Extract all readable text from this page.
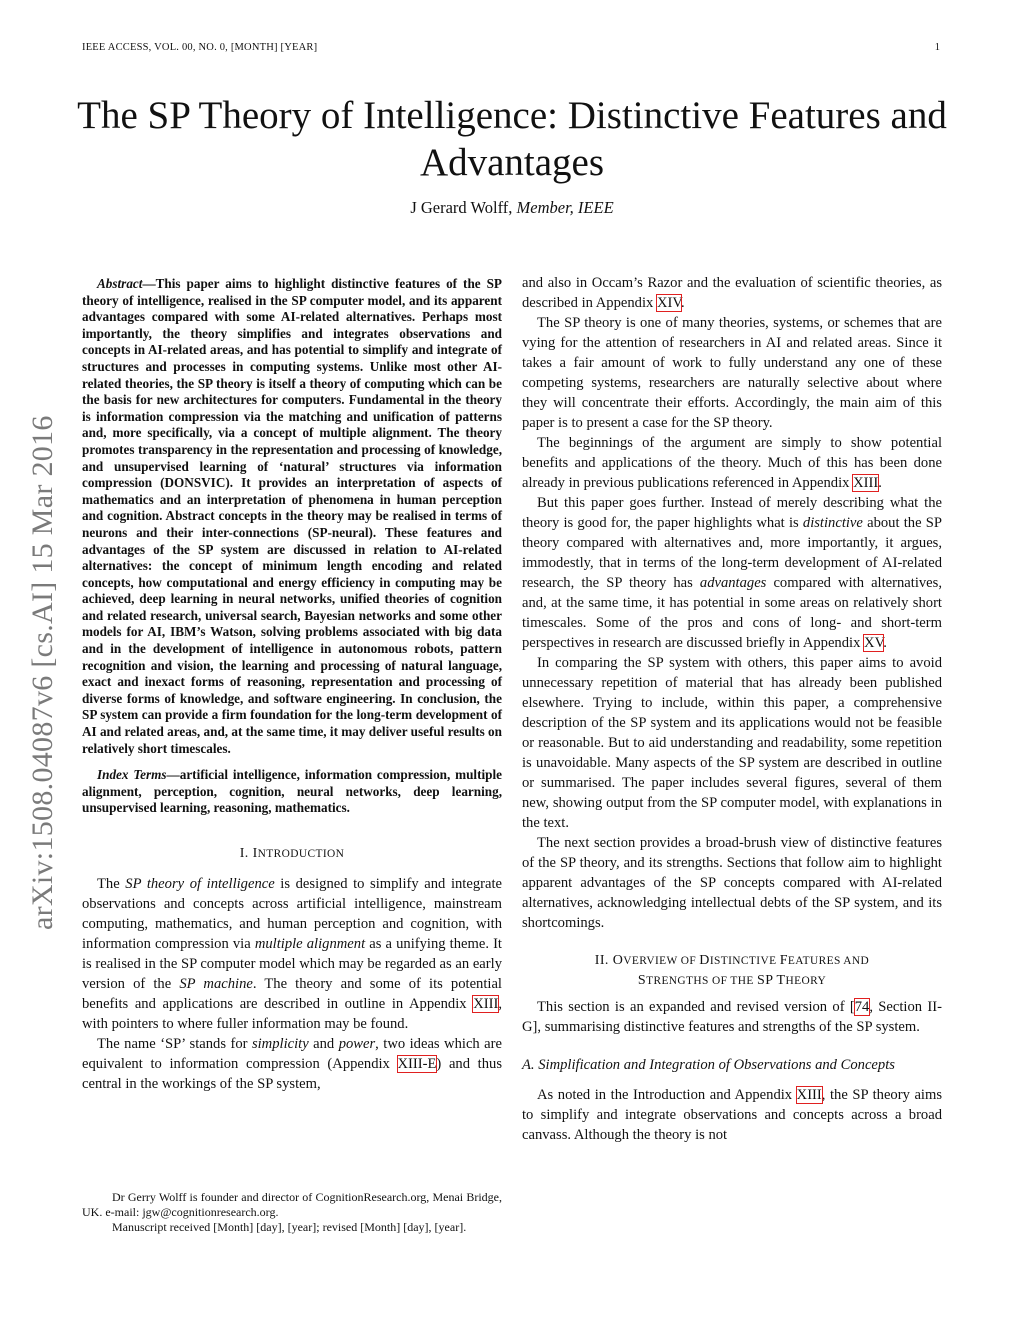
IEEE ACCESS, VOL. 00, NO. 0, [MONTH] [YEAR]	1
The SP Theory of Intelligence: Distinctive Features and Advantages
J Gerard Wolff, Member, IEEE
arXiv:1508.04087v6 [cs.AI] 15 Mar 2016

Abstract—This paper aims to highlight distinctive features of the SP theory of intelligence, realised in the SP computer model, and its apparent advantages compared with some AI-related alternatives. Perhaps most importantly, the theory simplifies and integrates observations and concepts in AI-related areas, and has potential to simplify and integrate of structures and processes in computing systems. Unlike most other AI-related theories, the SP theory is itself a theory of computing which can be the basis for new architectures for computers. Fundamental in the theory is information compression via the matching and unification of patterns and, more specifically, via a concept of multiple alignment. The theory promotes transparency in the representation and processing of knowledge, and unsupervised learning of ‘natural’ structures via information compression (DONSVIC). It provides an interpretation of aspects of mathematics and an interpretation of phenomena in human perception and cognition. Abstract concepts in the theory may be realised in terms of neurons and their inter-connections (SP-neural). These features and advantages of the SP system are discussed in relation to AI-related alternatives: the concept of minimum length encoding and related concepts, how computational and energy efficiency in computing may be achieved, deep learning in neural networks, unified theories of cognition and related research, universal search, Bayesian networks and some other models for AI, IBM’s Watson, solving problems associated with big data and in the development of intelligence in autonomous robots, pattern recognition and vision, the learning and processing of natural language, exact and inexact forms of reasoning, representation and processing of diverse forms of knowledge, and software engineering. In conclusion, the SP system can provide a firm foundation for the long-term development of AI and related areas, and, at the same time, it may deliver useful results on relatively short timescales.

Index Terms—artificial intelligence, information compression, multiple alignment, perception, cognition, neural networks, deep learning, unsupervised learning, reasoning, mathematics.

I. INTRODUCTION

The SP theory of intelligence is designed to simplify and integrate observations and concepts across artificial intelligence, mainstream computing, mathematics, and human perception and cognition, with information compression via multiple alignment as a unifying theme. It is realised in the SP computer model which may be regarded as an early version of the SP machine. The theory and some of its potential benefits and applications are described in outline in Appendix XIII, with pointers to where fuller information may be found.

The name ‘SP’ stands for simplicity and power, two ideas which are equivalent to information compression (Appendix XIII-E) and thus central in the workings of the SP system,

Dr Gerry Wolff is founder and director of CognitionResearch.org, Menai Bridge, UK. e-mail: jgw@cognitionresearch.org.

Manuscript received [Month] [day], [year]; revised [Month] [day], [year].

and also in Occam’s Razor and the evaluation of scientific theories, as described in Appendix XIV.

The SP theory is one of many theories, systems, or schemes that are vying for the attention of researchers in AI and related areas. Since it takes a fair amount of work to fully understand any one of these competing systems, researchers are naturally selective about where they will concentrate their efforts. Accordingly, the main aim of this paper is to present a case for the SP theory.

The beginnings of the argument are simply to show potential benefits and applications of the theory. Much of this has been done already in previous publications referenced in Appendix XIII.

But this paper goes further. Instead of merely describing what the theory is good for, the paper highlights what is distinctive about the SP theory compared with alternatives and, more importantly, it argues, immodestly, that in terms of the long-term development of AI-related research, the SP theory has advantages compared with alternatives, and, at the same time, it has potential in some areas on relatively short timescales. Some of the pros and cons of long- and short-term perspectives in research are discussed briefly in Appendix XV.

In comparing the SP system with others, this paper aims to avoid unnecessary repetition of material that has already been published elsewhere. Trying to include, within this paper, a comprehensive description of the SP system and its applications would not be feasible or reasonable. But to aid understanding and readability, some repetition is unavoidable. Many aspects of the SP system are described in outline or summarised. The paper includes several figures, several of them new, showing output from the SP computer model, with explanations in the text.

The next section provides a broad-brush view of distinctive features of the SP theory, and its strengths. Sections that follow aim to highlight apparent advantages of the SP concepts compared with AI-related alternatives, acknowledging intellectual debts of the SP system, and its shortcomings.

II. OVERVIEW OF DISTINCTIVE FEATURES AND
STRENGTHS OF THE SP THEORY

This section is an expanded and revised version of [74, Section II-G], summarising distinctive features and strengths of the SP system.

A. Simplification and Integration of Observations and Concepts

As noted in the Introduction and Appendix XIII, the SP theory aims to simplify and integrate observations and concepts across a broad canvass. Although the theory is not
